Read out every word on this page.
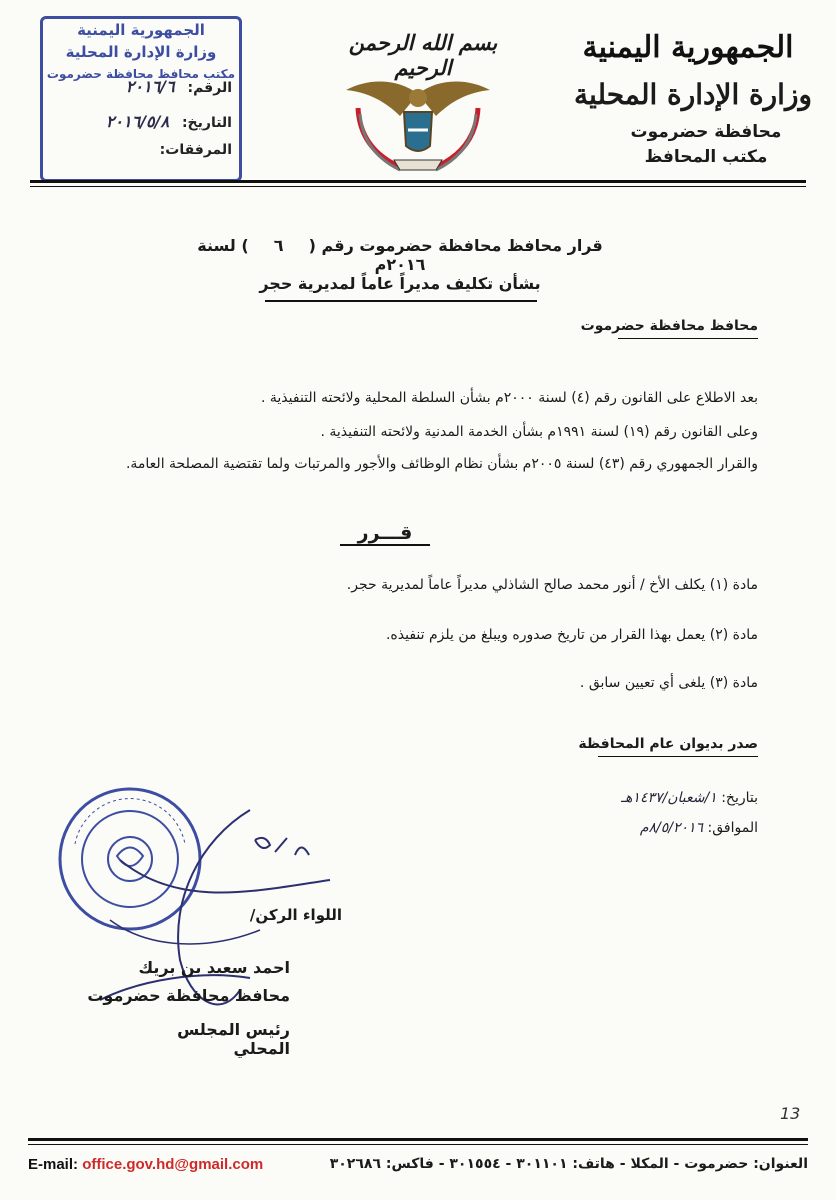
الجمهورية اليمنية
وزارة الإدارة المحلية
محافظة حضرموت
مكتب المحافظ
بسم الله الرحمن الرحيم
الجمهورية اليمنية
وزارة الإدارة المحلية
مكتب محافظ محافظة حضرموت
الرقم: ۲۰۱٦/٦
التاريخ: ۲۰۱٦/٥/٨
المرفقات:
قرار محافظ محافظة حضرموت رقم (٦) لسنة ٢٠١٦م
بشأن تكليف مديراً عاماً لمديرية حجر
محافظ محافظة حضرموت
بعد الاطلاع على القانون رقم (٤) لسنة ٢٠٠٠م بشأن السلطة المحلية ولائحته التنفيذية .
وعلى القانون رقم (١٩) لسنة ١٩٩١م بشأن الخدمة المدنية ولائحته التنفيذية .
والقرار الجمهوري رقم (٤٣) لسنة ٢٠٠٥م بشأن نظام الوظائف والأجور والمرتبات ولما تقتضية المصلحة العامة.
قـــرر
مادة (١) يكلف الأخ / أنور محمد صالح الشاذلي مديراً عاماً لمديرية حجر.
مادة (٢) يعمل بهذا القرار من تاريخ صدوره ويبلغ من يلزم تنفيذه.
مادة (٣) يلغى أي تعيين سابق .
صدر بديوان عام المحافظة
بتاريخ: ١/شعبان/١٤٣٧هـ
الموافق: ٨/٥/٢٠١٦م
اللواء الركن/
احمد سعيد بن بريك
محافظ محافظة حضرموت
رئيس المجلس المحلي
13
E-mail: office.gov.hd@gmail.com	العنوان: حضرموت - المكلا - هاتف: ٣٠١١٠١ - ٣٠١٥٥٤ - فاكس: ٣٠٢٦٨٦
